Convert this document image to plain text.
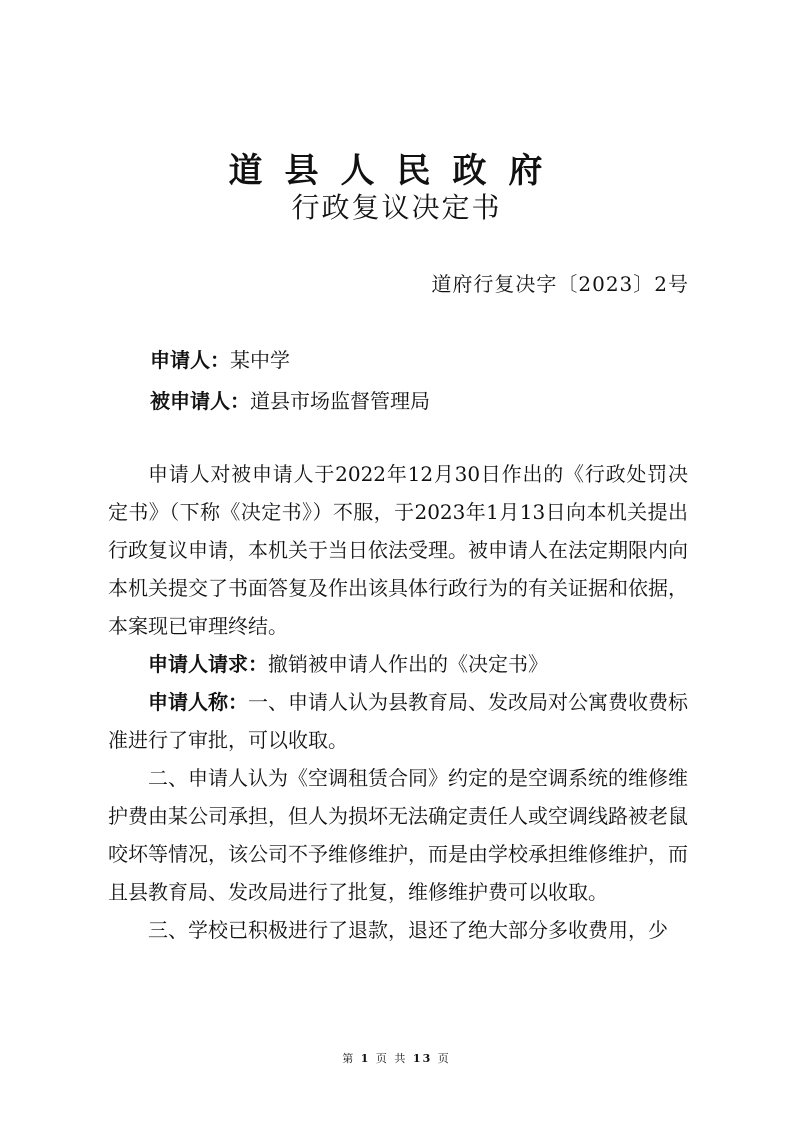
道县人民政府
行政复议决定书
道府行复决字〔2023〕2号
申请人：某中学
被申请人：道县市场监督管理局

申请人对被申请人于2022年12月30日作出的《行政处罚决定书》（下称《决定书》）不服，于2023年1月13日向本机关提出行政复议申请，本机关于当日依法受理。被申请人在法定期限内向本机关提交了书面答复及作出该具体行政行为的有关证据和依据，本案现已审理终结。

申请人请求：撤销被申请人作出的《决定书》

申请人称：一、申请人认为县教育局、发改局对公寓费收费标准进行了审批，可以收取。

二、申请人认为《空调租赁合同》约定的是空调系统的维修维护费由某公司承担，但人为损坏无法确定责任人或空调线路被老鼠咬坏等情况，该公司不予维修维护，而是由学校承担维修维护，而且县教育局、发改局进行了批复，维修维护费可以收取。

三、学校已积极进行了退款，退还了绝大部分多收费用，少

第 1 页 共 13 页
